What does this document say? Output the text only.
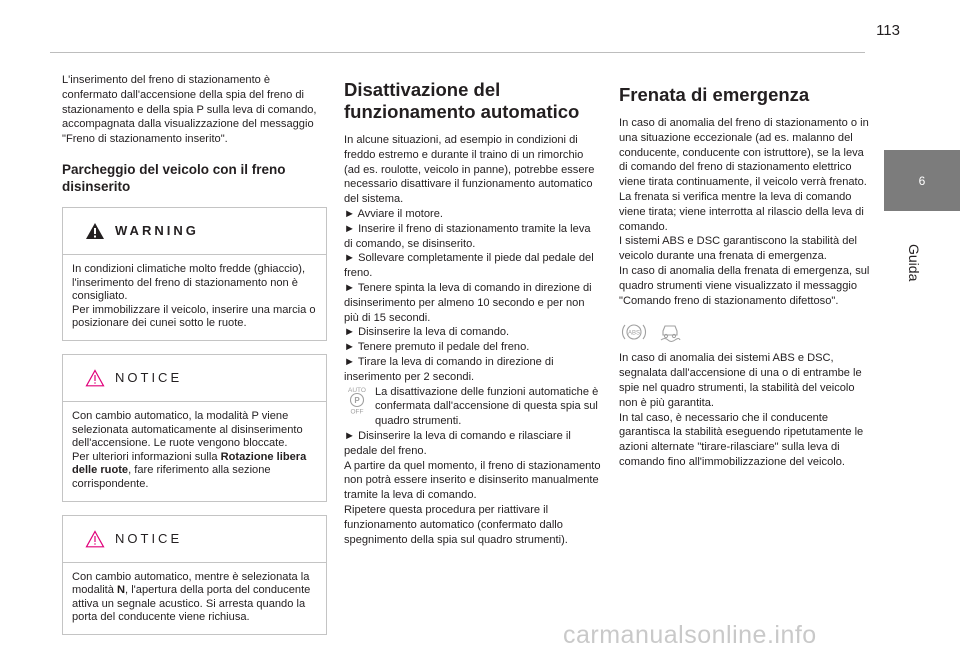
113
6
Guida

L'inserimento del freno di stazionamento è confermato dall'accensione della spia del freno di stazionamento e della spia P sulla leva di comando, accompagnata dalla visualizzazione del messaggio "Freno di stazionamento inserito".

Parcheggio del veicolo con il freno disinserito
WARNING
In condizioni climatiche molto fredde (ghiaccio), l'inserimento del freno di stazionamento non è consigliato.
Per immobilizzare il veicolo, inserire una marcia o posizionare dei cunei sotto le ruote.
NOTICE
Con cambio automatico, la modalità P viene selezionata automaticamente al disinserimento dell'accensione. Le ruote vengono bloccate.
Per ulteriori informazioni sulla Rotazione libera delle ruote, fare riferimento alla sezione corrispondente.
NOTICE
Con cambio automatico, mentre è selezionata la modalità N, l'apertura della porta del conducente attiva un segnale acustico. Si arresta quando la porta del conducente viene richiusa.
Disattivazione del funzionamento automatico

In alcune situazioni, ad esempio in condizioni di freddo estremo e durante il traino di un rimorchio (ad es. roulotte, veicolo in panne), potrebbe essere necessario disattivare il funzionamento automatico del sistema.

► Avviare il motore.
► Inserire il freno di stazionamento tramite la leva di comando, se disinserito.
► Sollevare completamente il piede dal pedale del freno.
► Tenere spinta la leva di comando in direzione di disinserimento per almeno 10 secondo e per non più di 15 secondi.
► Disinserire la leva di comando.
► Tenere premuto il pedale del freno.
► Tirare la leva di comando in direzione di inserimento per 2 secondi.
AUTO
P
OFF
La disattivazione delle funzioni automatiche è confermata dall'accensione di questa spia sul quadro strumenti.
► Disinserire la leva di comando e rilasciare il pedale del freno.

A partire da quel momento, il freno di stazionamento non potrà essere inserito e disinserito manualmente tramite la leva di comando.

Ripetere questa procedura per riattivare il funzionamento automatico (confermato dallo spegnimento della spia sul quadro strumenti).

Frenata di emergenza

In caso di anomalia del freno di stazionamento o in una situazione eccezionale (ad es. malanno del conducente, conducente con istruttore), se la leva di comando del freno di stazionamento elettrico viene tirata continuamente, il veicolo verrà frenato. La frenata si verifica mentre la leva di comando viene tirata; viene interrotta al rilascio della leva di comando.

I sistemi ABS e DSC garantiscono la stabilità del veicolo durante una frenata di emergenza.

In caso di anomalia della frenata di emergenza, sul quadro strumenti viene visualizzato il messaggio "Comando freno di stazionamento difettoso".

ABS

In caso di anomalia dei sistemi ABS e DSC, segnalata dall'accensione di una o di entrambe le spie nel quadro strumenti, la stabilità del veicolo non è più garantita.

In tal caso, è necessario che il conducente garantisca la stabilità eseguendo ripetutamente le azioni alternate "tirare-rilasciare" sulla leva di comando fino all'immobilizzazione del veicolo.

carmanualsonline.info
